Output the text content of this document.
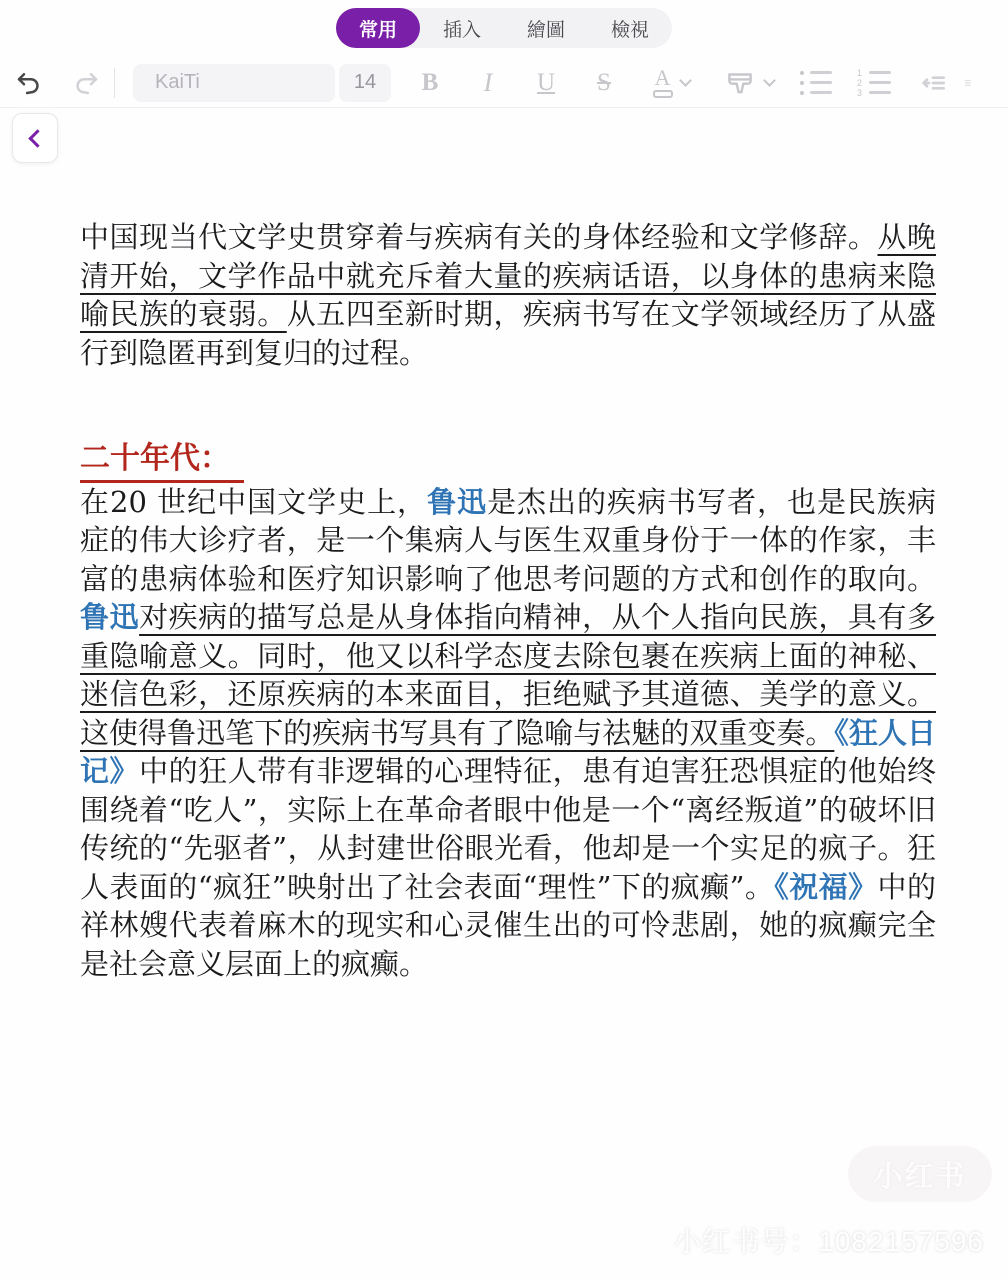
常用	插入	繪圖	檢視
KaiTi	14 B I U S A	1
2
3

中国现当代文学史贯穿着与疾病有关的身体经验和文学修辞。从晚清开始，文学作品中就充斥着大量的疾病话语，以身体的患病来隐喻民族的衰弱。从五四至新时期，疾病书写在文学领域经历了从盛行到隐匿再到复归的过程。

二十年代：

在20 世纪中国文学史上，鲁迅是杰出的疾病书写者，也是民族病症的伟大诊疗者，是一个集病人与医生双重身份于一体的作家，丰富的患病体验和医疗知识影响了他思考问题的方式和创作的取向。鲁迅对疾病的描写总是从身体指向精神，从个人指向民族，具有多重隐喻意义。同时，他又以科学态度去除包裹在疾病上面的神秘、迷信色彩，还原疾病的本来面目，拒绝赋予其道德、美学的意义。这使得鲁迅笔下的疾病书写具有了隐喻与祛魅的双重变奏。《狂人日记》中的狂人带有非逻辑的心理特征，患有迫害狂恐惧症的他始终围绕着“吃人”，实际上在革命者眼中他是一个“离经叛道”的破坏旧传统的“先驱者”，从封建世俗眼光看，他却是一个实足的疯子。狂人表面的“疯狂”映射出了社会表面“理性”下的疯癫”。《祝福》中的祥林嫂代表着麻木的现实和心灵催生出的可怜悲剧，她的疯癫完全是社会意义层面上的疯癫。

小红书
小红书号：1082157596
